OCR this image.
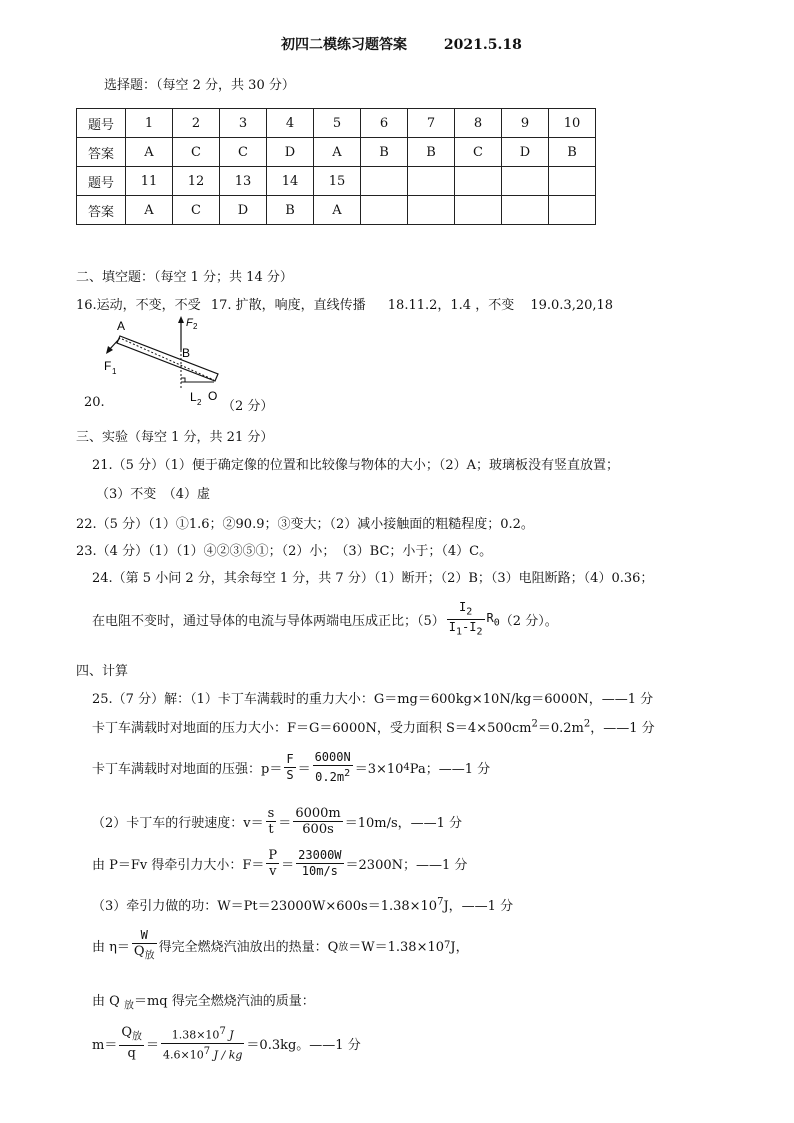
初四二模练习题答案	2021.5.18
选择题：（每空 2 分，共 30 分）
题号	1	2	3	4	5	6	7	8	9	10
答案	A	C	C	D	A	B	B	C	D	B
题号	11	12	13	14	15					
答案	A	C	D	B	A					
二、填空题：（每空 1 分；共 14 分）
16.运动，不变，不受 17. 扩散，响度，直线传播 18.11.2，1.4 ，不变 19.0.3,20,18
A
B
O
F 2
F 1
L 2
20.	（2 分）
三、实验（每空 1 分，共 21 分）
21.（5 分）（1）便于确定像的位置和比较像与物体的大小；（2）A；玻璃板没有竖直放置；
（3）不变　（4）虚
22.（5 分）（1）①1.6；②90.9；③变大；（2）减小接触面的粗糙程度；0.2。
23.（4 分）（1）（1）④②③⑤①；（2）小；　（3）BC；小于；（4）C。
24.（第 5 小问 2 分，其余每空 1 分，共 7 分）（1）断开；（2）B；（3）电阻断路；（4）0.36；
在电阻不变时，通过导体的电流与导体两端电压成正比；$(5) \frac{I_2}{I_1-I_2} R_0$ （2 分）。
四、计算
25.（7 分）解：（1）卡丁车满载时的重力大小：G＝mg＝600kg×10N/kg＝6000N，——1 分
卡丁车满载时对地面的压力大小：F＝G＝6000N，受力面积 $S=4\times 500cm^2=0.2m^2$，——1 分
卡丁车满载时对地面的压强：$p= \frac{F}{S} = \frac{6000N}{0.2m^2} =3\times 10$ 4 Pa；——1 分
（2）卡丁车的行驶速度：$v= \frac{s}{t} = \frac{6000m}{600s} =10m/s$，——1 分
由 P＝Fv 得牵引力大小：$F= \frac{P}{v} = \frac{23000W}{10m/s} =2300N$；——1 分
（3）牵引力做的功：$W=Pt=23000W\times 600s=1.38\times 10^7J$，——1 分
由 $\eta= \frac{W}{Q_放}$ 得完全燃烧汽油放出的热量：Q 放 ＝W＝1.38×10 7 J，
由 Q $_放$＝mq 得完全燃烧汽油的质量：
$m= \frac{Q_放}{q} = \frac{1.38\times 10^7 J}{4.6\times 10^7 J / kg} =0.3kg$。——1 分
